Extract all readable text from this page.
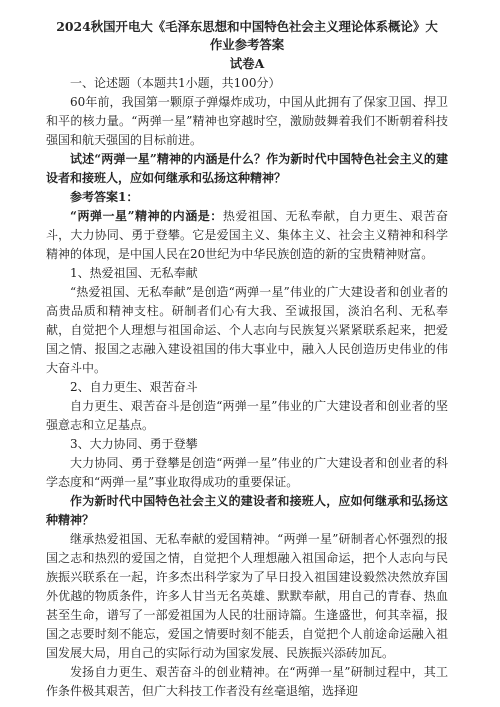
2024秋国开电大《毛泽东思想和中国特色社会主义理论体系概论》大作业参考答案
试卷A

一、论述题（本题共1小题，共100分）

60年前，我国第一颗原子弹爆炸成功，中国从此拥有了保家卫国、捍卫和平的核力量。“两弹一星”精神也穿越时空，激励鼓舞着我们不断朝着科技强国和航天强国的目标前进。

试述“两弹一星”精神的内涵是什么？作为新时代中国特色社会主义的建设者和接班人，应如何继承和弘扬这种精神？

参考答案1：

“两弹一星”精神的内涵是：热爱祖国、无私奉献，自力更生、艰苦奋斗，大力协同、勇于登攀。它是爱国主义、集体主义、社会主义精神和科学精神的体现，是中国人民在20世纪为中华民族创造的新的宝贵精神财富。

1、热爱祖国、无私奉献

“热爱祖国、无私奉献”是创造“两弹一星”伟业的广大建设者和创业者的高贵品质和精神支柱。研制者们心有大我、至诚报国，淡泊名利、无私奉献，自觉把个人理想与祖国命运、个人志向与民族复兴紧紧联系起来，把爱国之情、报国之志融入建设祖国的伟大事业中，融入人民创造历史伟业的伟大奋斗中。

2、自力更生、艰苦奋斗

自力更生、艰苦奋斗是创造“两弹一星”伟业的广大建设者和创业者的坚强意志和立足基点。

3、大力协同、勇于登攀

大力协同、勇于登攀是创造“两弹一星”伟业的广大建设者和创业者的科学态度和“两弹一星”事业取得成功的重要保证。

作为新时代中国特色社会主义的建设者和接班人，应如何继承和弘扬这种精神？

继承热爱祖国、无私奉献的爱国精神。“两弹一星”研制者心怀强烈的报国之志和热烈的爱国之情，自觉把个人理想融入祖国命运，把个人志向与民族振兴联系在一起，许多杰出科学家为了早日投入祖国建设毅然决然放弃国外优越的物质条件，许多人甘当无名英雄、默默奉献，用自己的青春、热血甚至生命，谱写了一部爱祖国为人民的壮丽诗篇。生逢盛世，何其幸福，报国之志要时刻不能忘，爱国之情要时刻不能丢，自觉把个人前途命运融入祖国发展大局，用自己的实际行动为国家发展、民族振兴添砖加瓦。

发扬自力更生、艰苦奋斗的创业精神。在“两弹一星”研制过程中，其工作条件极其艰苦，但广大科技工作者没有丝毫退缩，选择迎
